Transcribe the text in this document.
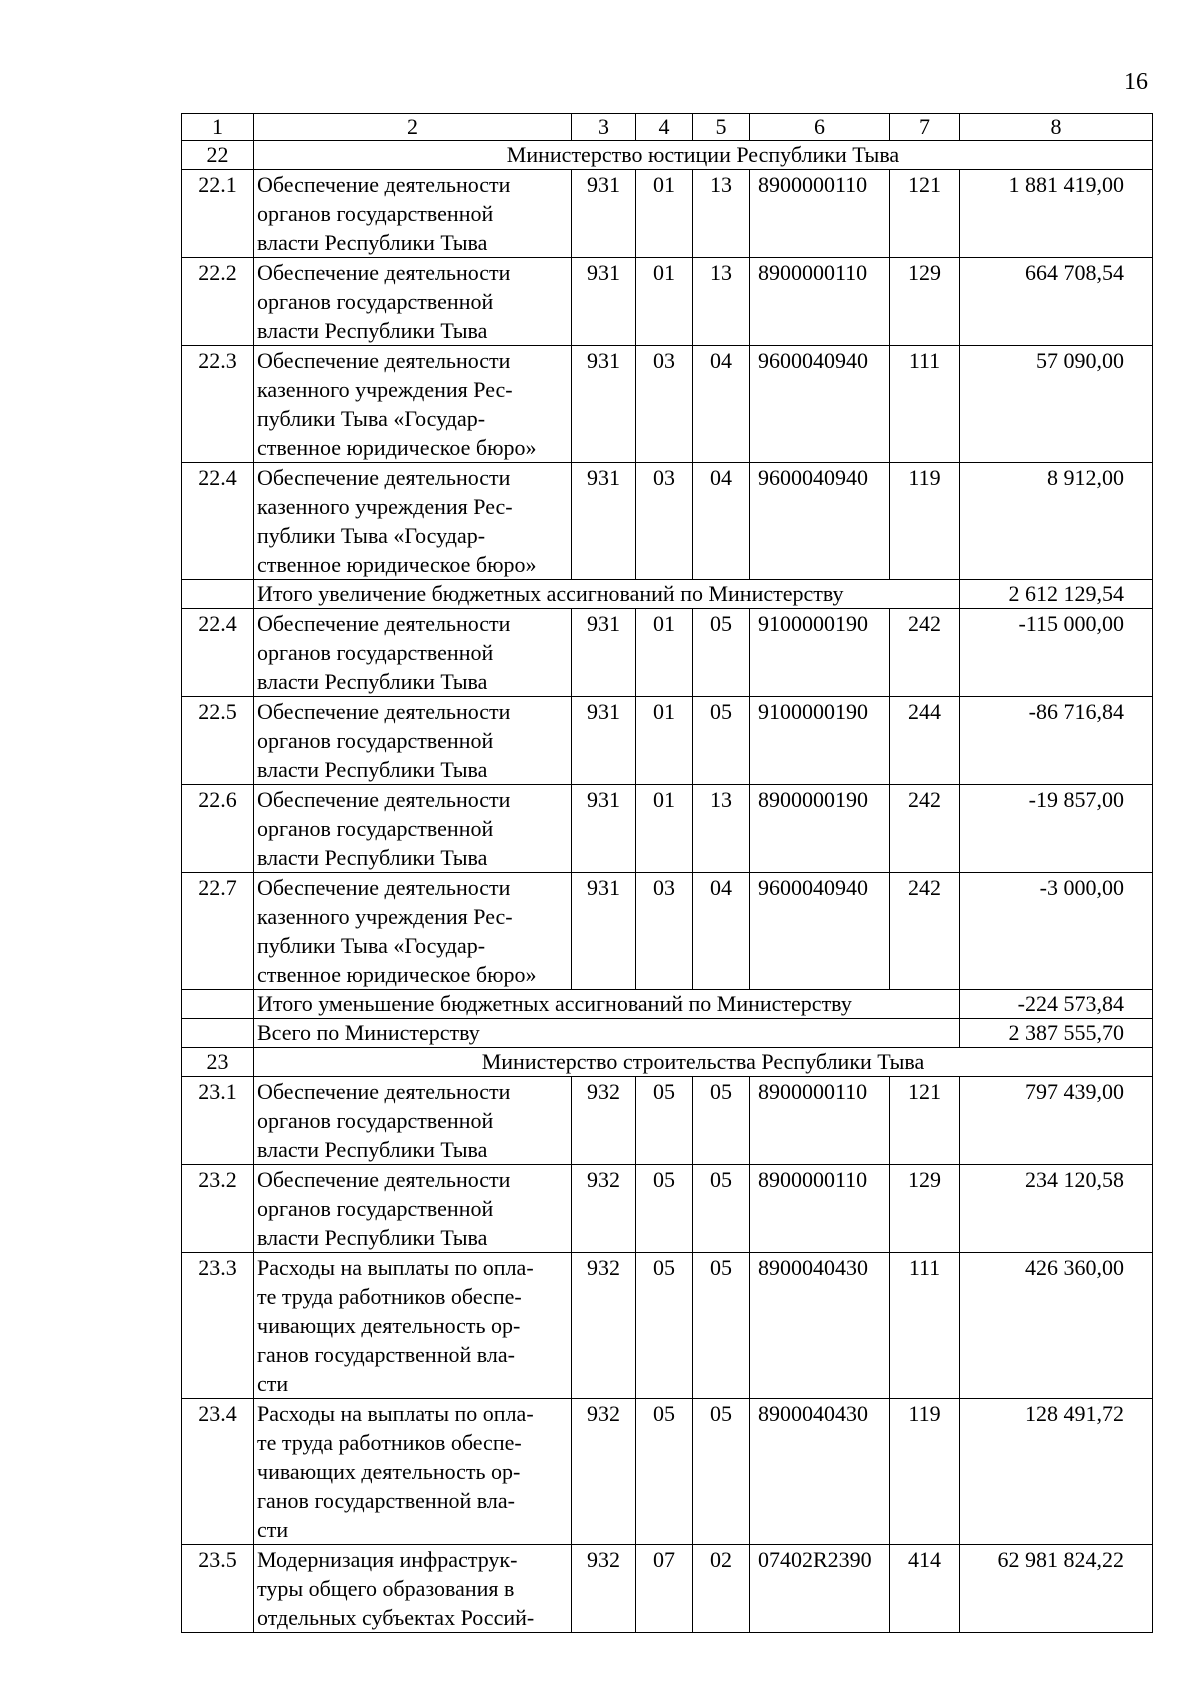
16
1	2	3	4	5	6	7	8
22	Министерство юстиции Республики Тыва						
22.1	Обеспечение деятельности
органов государственной
власти Республики Тыва	931	01	13	8900000110	121	1 881 419,00
22.2	Обеспечение деятельности
органов государственной
власти Республики Тыва	931	01	13	8900000110	129	664 708,54
22.3	Обеспечение деятельности
казенного учреждения Рес-
публики Тыва «Государ-
ственное юридическое бюро»	931	03	04	9600040940	111	57 090,00
22.4	Обеспечение деятельности
казенного учреждения Рес-
публики Тыва «Государ-
ственное юридическое бюро»	931	03	04	9600040940	119	8 912,00
	Итого увеличение бюджетных ассигнований по Министерству						2 612 129,54
22.4	Обеспечение деятельности
органов государственной
власти Республики Тыва	931	01	05	9100000190	242	-115 000,00
22.5	Обеспечение деятельности
органов государственной
власти Республики Тыва	931	01	05	9100000190	244	-86 716,84
22.6	Обеспечение деятельности
органов государственной
власти Республики Тыва	931	01	13	8900000190	242	-19 857,00
22.7	Обеспечение деятельности
казенного учреждения Рес-
публики Тыва «Государ-
ственное юридическое бюро»	931	03	04	9600040940	242	-3 000,00
	Итого уменьшение бюджетных ассигнований по Министерству						-224 573,84
	Всего по Министерству						2 387 555,70
23	Министерство строительства Республики Тыва						
23.1	Обеспечение деятельности
органов государственной
власти Республики Тыва	932	05	05	8900000110	121	797 439,00
23.2	Обеспечение деятельности
органов государственной
власти Республики Тыва	932	05	05	8900000110	129	234 120,58
23.3	Расходы на выплаты по опла-
те труда работников обеспе-
чивающих деятельность ор-
ганов государственной вла-
сти	932	05	05	8900040430	111	426 360,00
23.4	Расходы на выплаты по опла-
те труда работников обеспе-
чивающих деятельность ор-
ганов государственной вла-
сти	932	05	05	8900040430	119	128 491,72
23.5	Модернизация инфраструк-
туры общего образования в
отдельных субъектах Россий-	932	07	02	07402R2390	414	62 981 824,22
